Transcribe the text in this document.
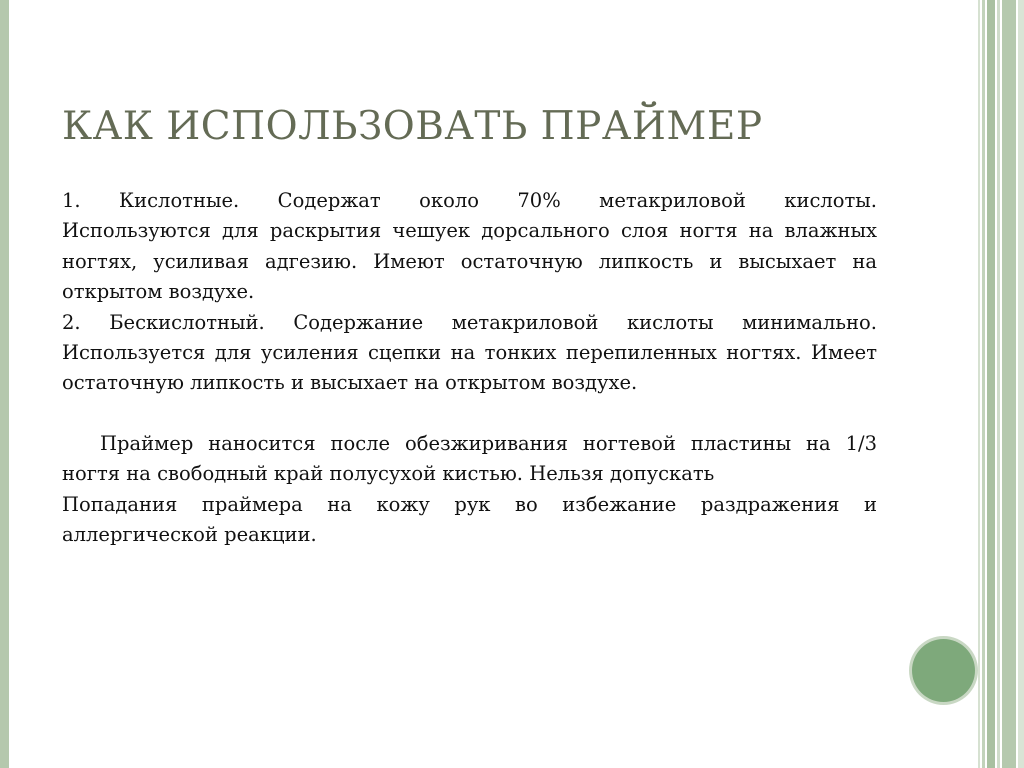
КАК ИСПОЛЬЗОВАТЬ ПРАЙМЕР

1. Кислотные. Содержат около 70% метакриловой кислоты.

Используются для раскрытия чешуек дорсального слоя ногтя на влажных ногтях, усиливая адгезию. Имеют остаточную липкость и высыхает на открытом воздухе.

2. Бескислотный. Содержание метакриловой кислоты минимально. Используется для усиления сцепки на тонких перепиленных ногтях. Имеет остаточную липкость и высыхает на открытом воздухе.

Праймер наносится после обезжиривания ногтевой пластины на 1/3 ногтя на свободный край полусухой кистью. Нельзя допускать

Попадания праймера на кожу рук во избежание раздражения и аллергической реакции.
